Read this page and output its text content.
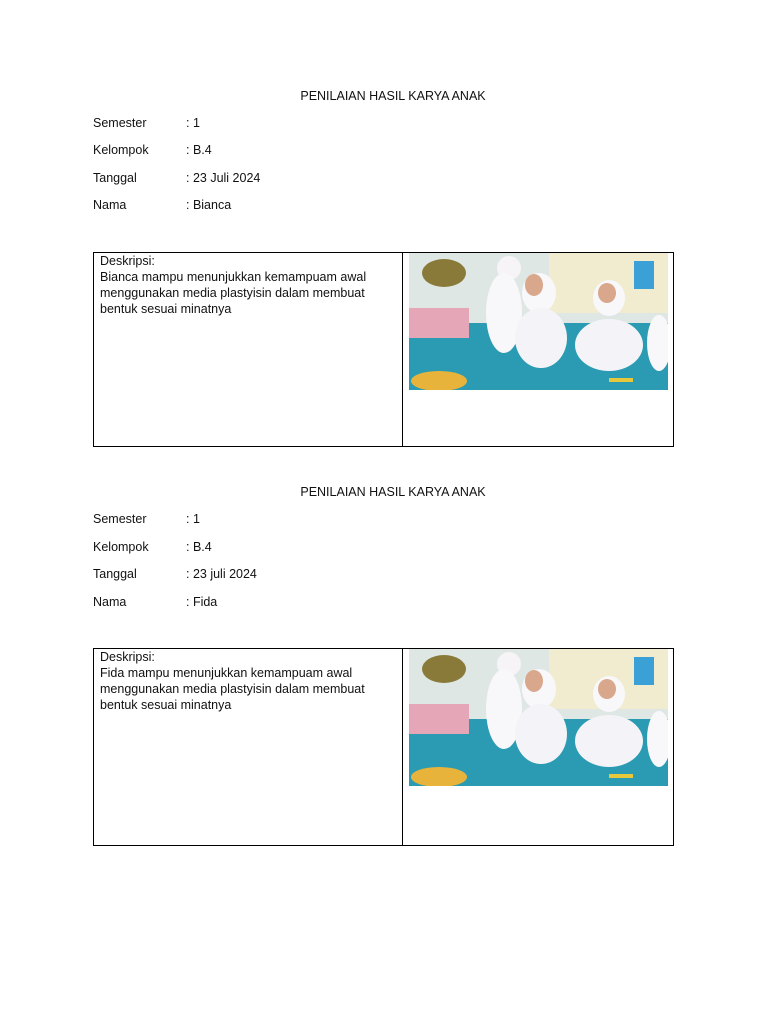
PENILAIAN HASIL KARYA ANAK
Semester	: 1
Kelompok	: B.4
Tanggal	: 23 Juli 2024
Nama	: Bianca
Deskripsi:
Bianca mampu menunjukkan kemampuam awal menggunakan media plastyisin dalam membuat bentuk sesuai minatnya
PENILAIAN HASIL KARYA ANAK
Semester	: 1
Kelompok	: B.4
Tanggal	: 23 juli 2024
Nama	: Fida
Deskripsi:
Fida mampu menunjukkan kemampuam awal menggunakan media plastyisin dalam membuat bentuk sesuai minatnya
